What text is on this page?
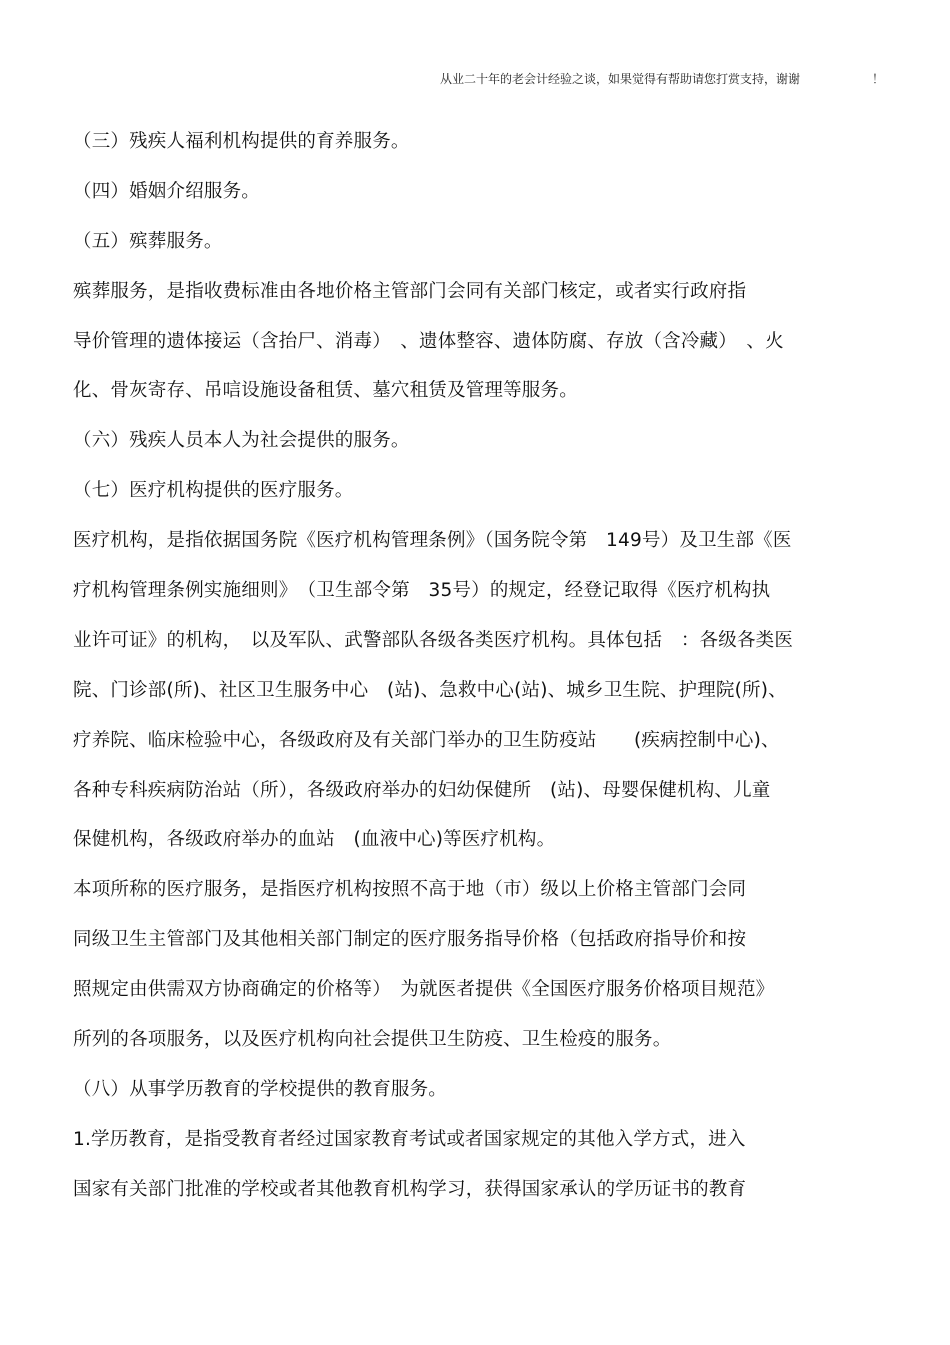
从业二十年的老会计经验之谈，如果觉得有帮助请您打赏支持，谢谢	！
（三）残疾人福利机构提供的育养服务。
（四）婚姻介绍服务。
（五）殡葬服务。
殡葬服务，是指收费标准由各地价格主管部门会同有关部门核定，或者实行政府指
导价管理的遗体接运（含抬尸、消毒）　、遗体整容、遗体防腐、存放（含冷藏）　、火
化、骨灰寄存、吊唁设施设备租赁、墓穴租赁及管理等服务。
（六）残疾人员本人为社会提供的服务。
（七）医疗机构提供的医疗服务。
医疗机构，是指依据国务院《医疗机构管理条例》（国务院令第　149号）及卫生部《医
疗机构管理条例实施细则》　（卫生部令第　35号）的规定，经登记取得《医疗机构执
业许可证》的机构，　以及军队、武警部队各级各类医疗机构。具体包括　：各级各类医
院、门诊部(所)、社区卫生服务中心　(站)、急救中心(站)、城乡卫生院、护理院(所)、
疗养院、临床检验中心，各级政府及有关部门举办的卫生防疫站　　(疾病控制中心)、
各种专科疾病防治站（所），各级政府举办的妇幼保健所　(站)、母婴保健机构、儿童
保健机构，各级政府举办的血站　(血液中心)等医疗机构。
本项所称的医疗服务，是指医疗机构按照不高于地（市）级以上价格主管部门会同
同级卫生主管部门及其他相关部门制定的医疗服务指导价格（包括政府指导价和按
照规定由供需双方协商确定的价格等）　为就医者提供《全国医疗服务价格项目规范》
所列的各项服务，以及医疗机构向社会提供卫生防疫、卫生检疫的服务。
（八）从事学历教育的学校提供的教育服务。
1.学历教育，是指受教育者经过国家教育考试或者国家规定的其他入学方式，进入
国家有关部门批准的学校或者其他教育机构学习，获得国家承认的学历证书的教育
